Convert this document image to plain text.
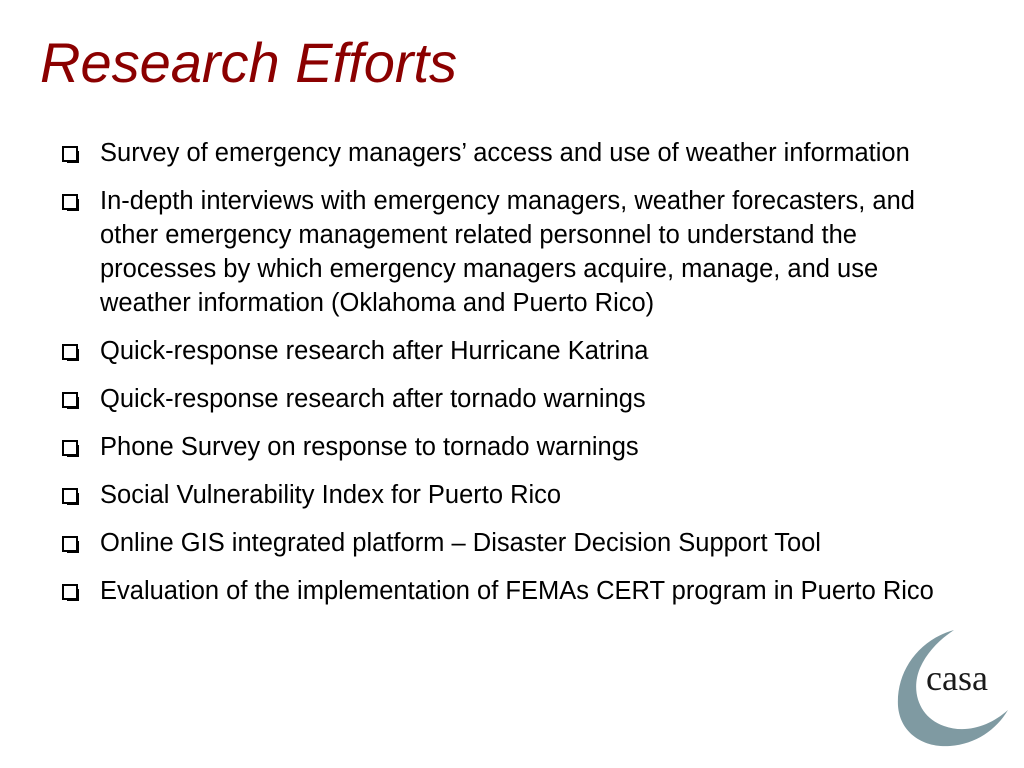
Research Efforts
Survey of emergency managers’ access and use of weather information
In-depth interviews with emergency managers, weather forecasters, and other emergency management related personnel to understand the processes by which emergency managers acquire, manage, and use weather information (Oklahoma and Puerto Rico)
Quick-response research after Hurricane Katrina
Quick-response research after tornado warnings
Phone Survey on response to tornado warnings
Social Vulnerability Index for Puerto Rico
Online GIS integrated platform – Disaster Decision Support Tool
Evaluation of the implementation of FEMAs CERT program in Puerto Rico
casa
